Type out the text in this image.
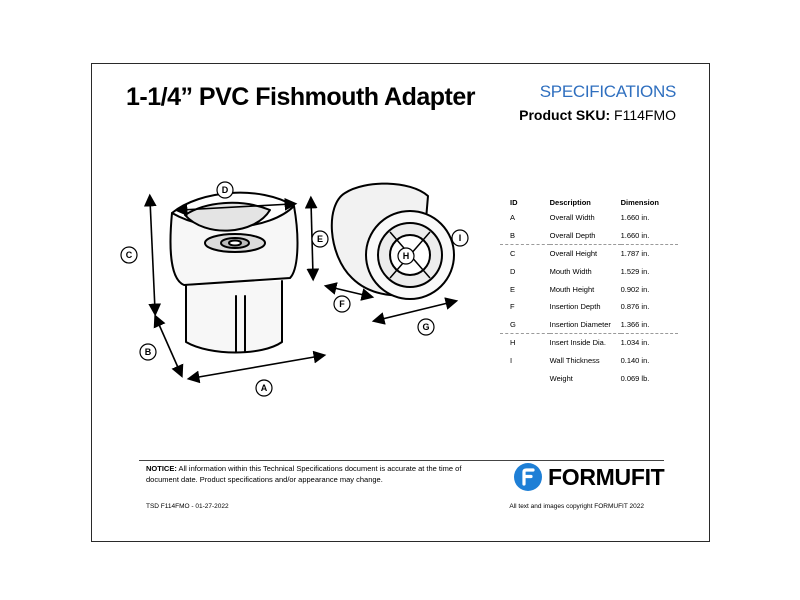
1-1/4” PVC Fishmouth Adapter	SPECIFICATIONS
Product SKU: F114FMO
A
B
C
D
E
F
G
H
I
ID	Description	Dimension
A	Overall Width	1.660 in.
B	Overall Depth	1.660 in.
C	Overall Height	1.787 in.
D	Mouth Width	1.529 in.
E	Mouth Height	0.902 in.
F	Insertion Depth	0.876 in.
G	Insertion Diameter	1.366 in.
H	Insert Inside Dia.	1.034 in.
I	Wall Thickness	0.140 in.
	Weight	0.069 lb.
NOTICE: All information within this Technical Specifications document is accurate at the time of document date. Product specifications and/or appearance may change.	FORMUFIT
TSD F114FMO - 01-27-2022	All text and images copyright FORMUFIT 2022
